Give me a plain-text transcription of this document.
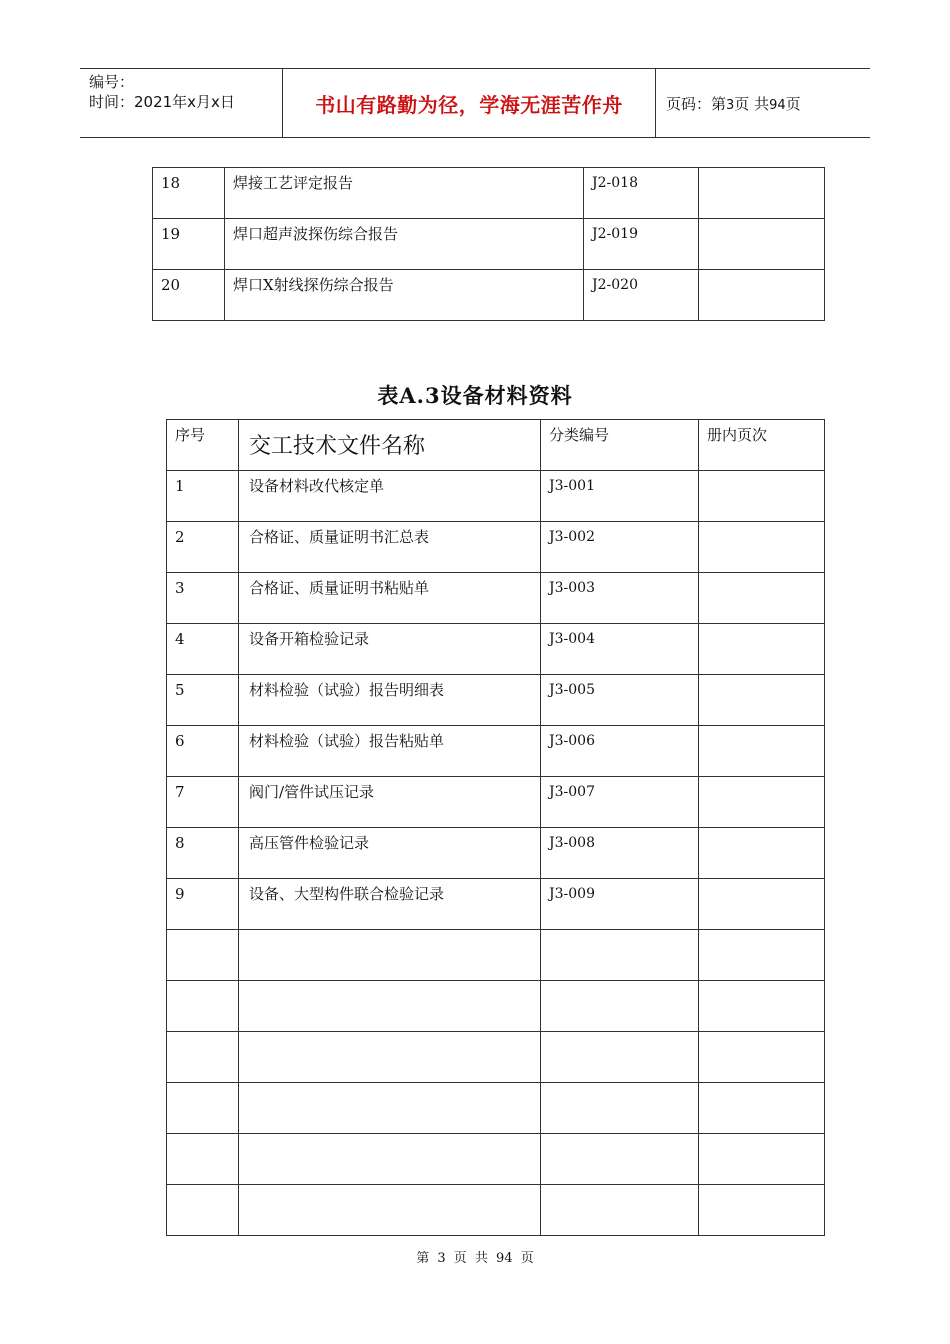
编号：
时间：2021年x月x日	书山有路勤为径，学海无涯苦作舟	页码：第3页 共94页
18	焊接工艺评定报告	J2-018	
19	焊口超声波探伤综合报告	J2-019	
20	焊口X射线探伤综合报告	J2-020	
表A.3设备材料资料
序号	交工技术文件名称	分类编号	册内页次
1	设备材料改代核定单	J3-001	
2	合格证、质量证明书汇总表	J3-002	
3	合格证、质量证明书粘贴单	J3-003	
4	设备开箱检验记录	J3-004	
5	材料检验（试验）报告明细表	J3-005	
6	材料检验（试验）报告粘贴单	J3-006	
7	阀门/管件试压记录	J3-007	
8	高压管件检验记录	J3-008	
9	设备、大型构件联合检验记录	J3-009	

第 3 页 共 94 页
